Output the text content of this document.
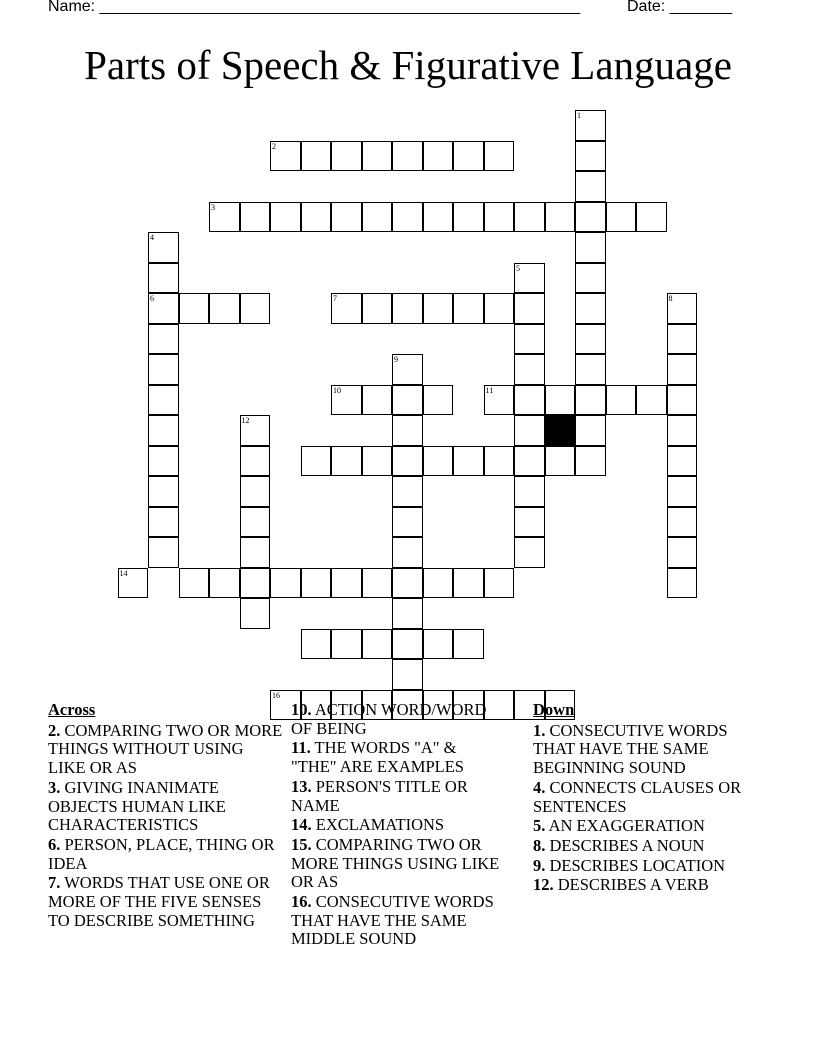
Name: ______________________________________________________	Date: _______
Parts of Speech & Figurative Language
1
2
3
4
6	7	8
5
9
10	11
12
14
16
Across
2. COMPARING TWO OR MORE THINGS WITHOUT USING LIKE OR AS
3. GIVING INANIMATE OBJECTS HUMAN LIKE CHARACTERISTICS
6. PERSON, PLACE, THING OR IDEA
7. WORDS THAT USE ONE OR MORE OF THE FIVE SENSES TO DESCRIBE SOMETHING
10. ACTION WORD/WORD OF BEING
11. THE WORDS "A" & "THE" ARE EXAMPLES
13. PERSON'S TITLE OR NAME
14. EXCLAMATIONS
15. COMPARING TWO OR MORE THINGS USING LIKE OR AS
16. CONSECUTIVE WORDS THAT HAVE THE SAME MIDDLE SOUND
Down
1. CONSECUTIVE WORDS THAT HAVE THE SAME BEGINNING SOUND
4. CONNECTS CLAUSES OR SENTENCES
5. AN EXAGGERATION
8. DESCRIBES A NOUN
9. DESCRIBES LOCATION
12. DESCRIBES A VERB
